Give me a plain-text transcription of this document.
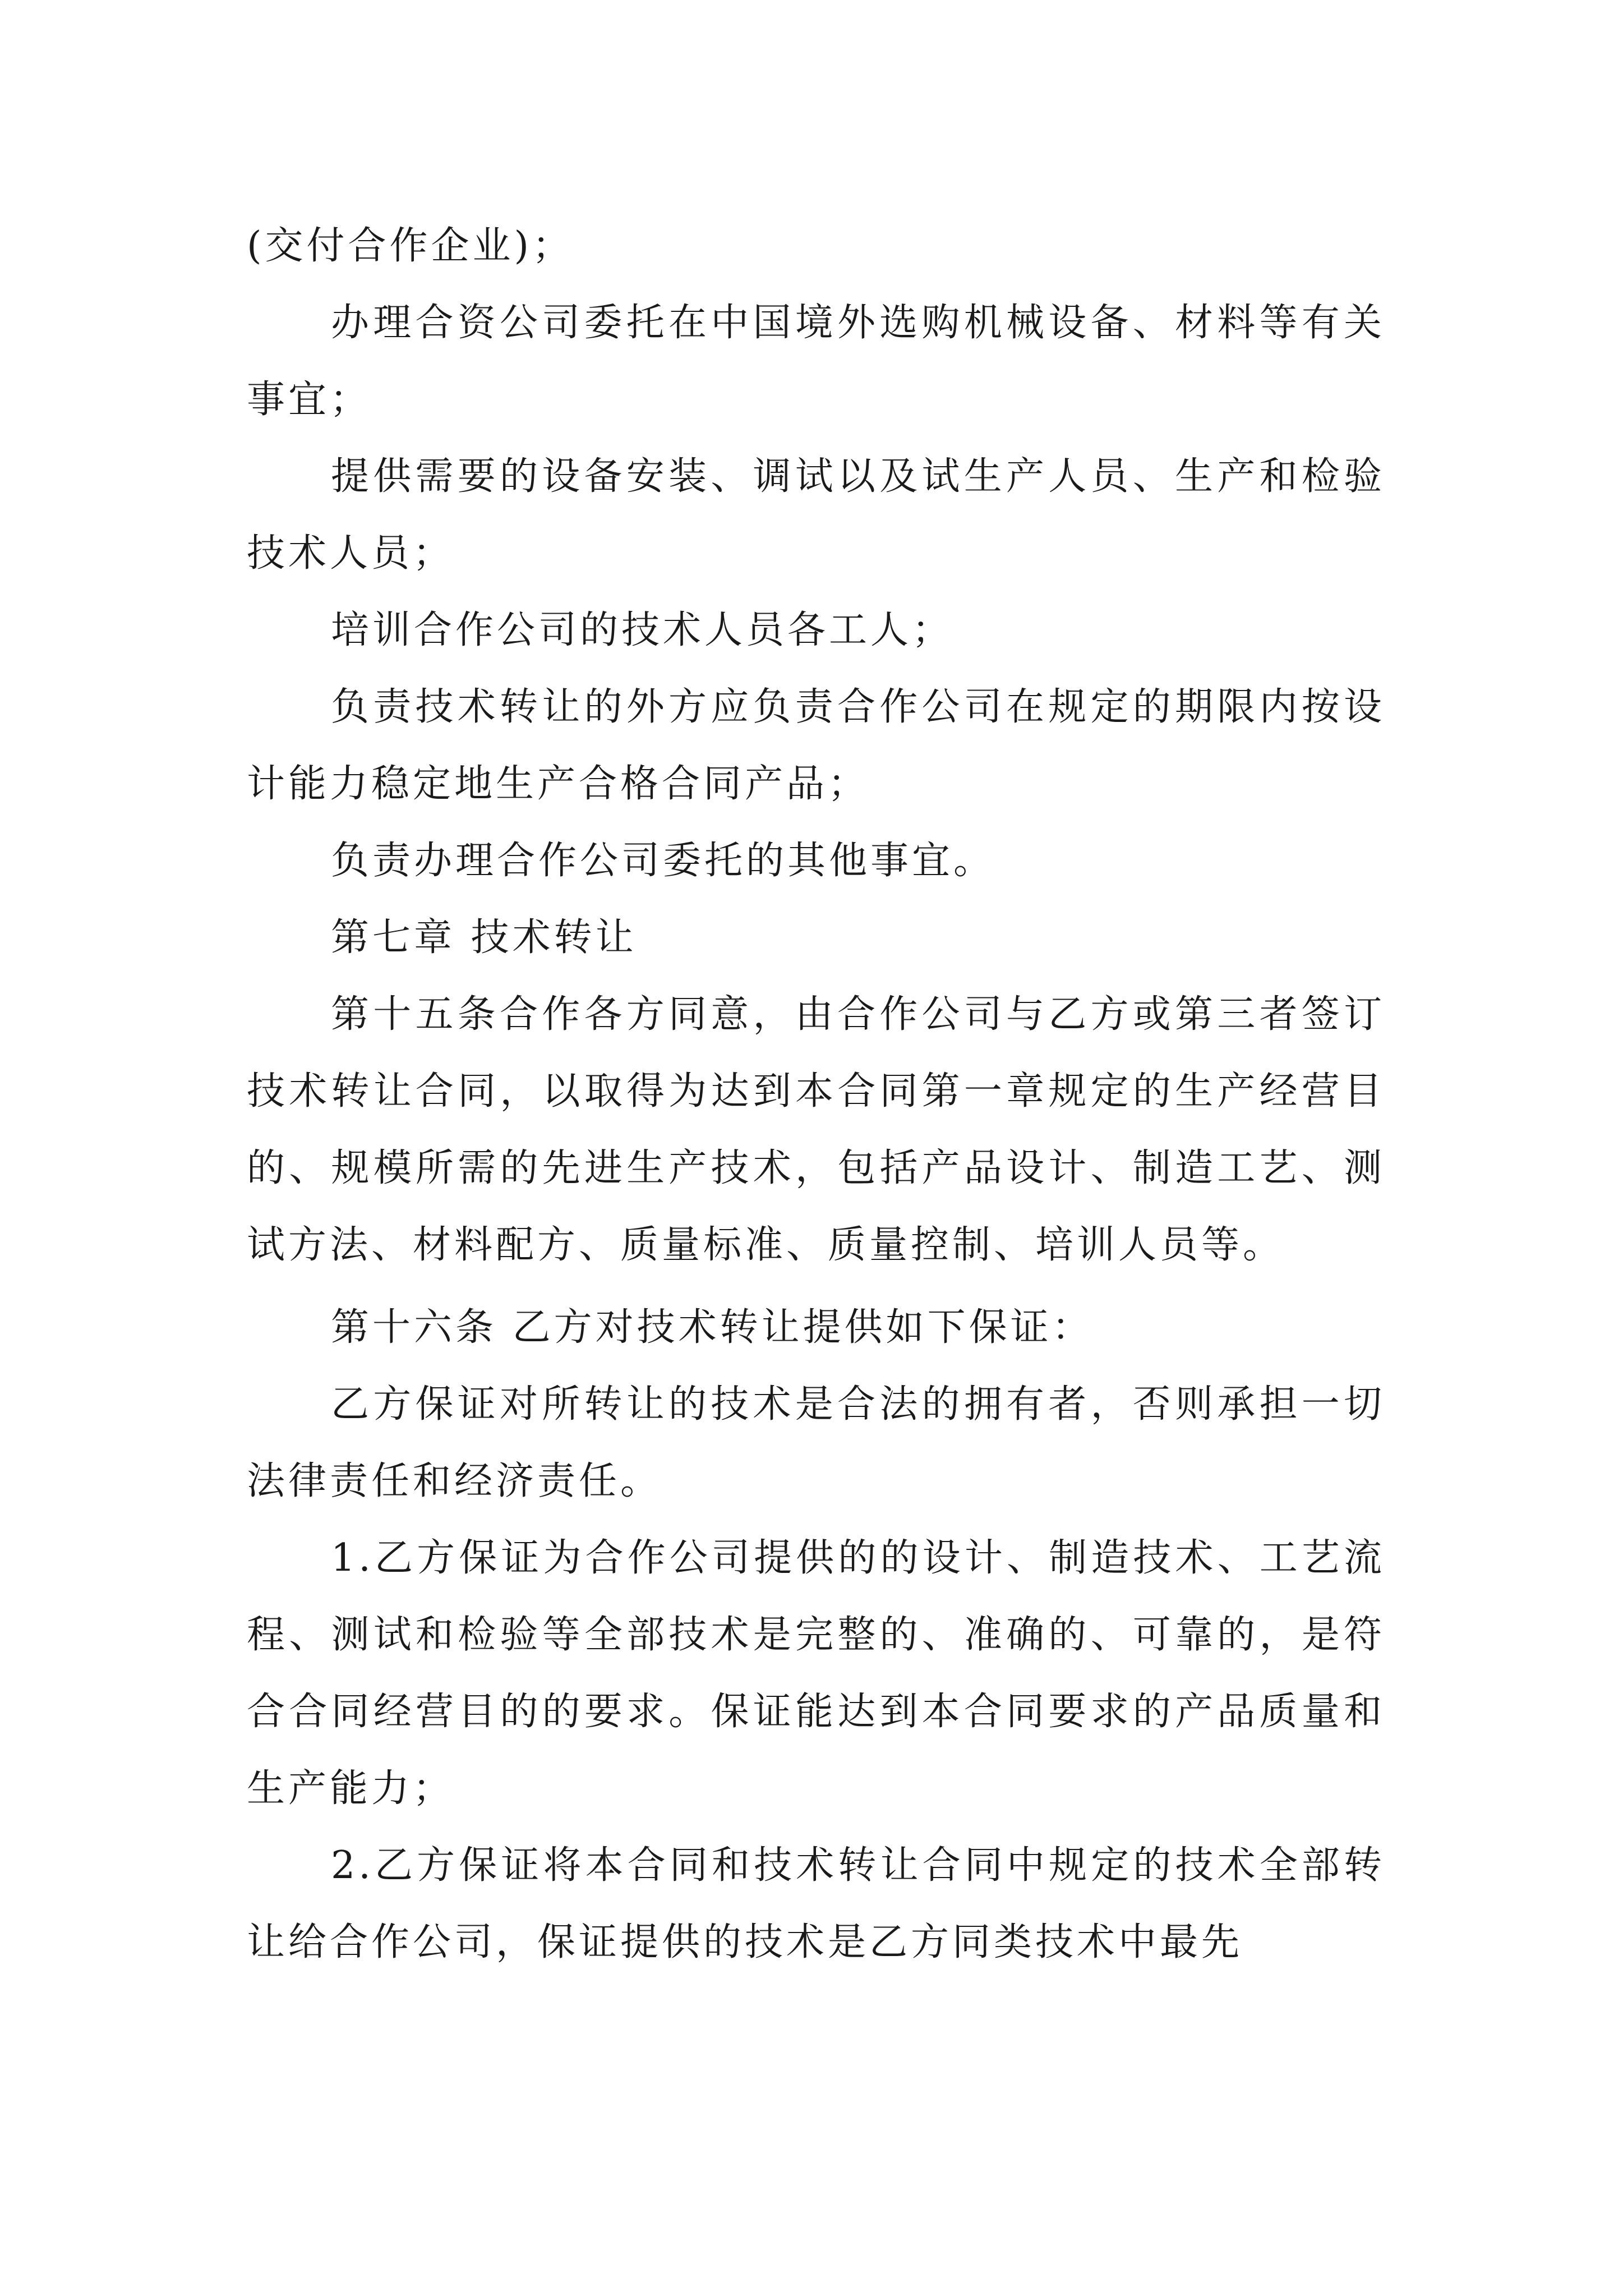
(交付合作企业)；

办理合资公司委托在中国境外选购机械设备、材料等有关事宜；

提供需要的设备安装、调试以及试生产人员、生产和检验技术人员；

培训合作公司的技术人员各工人；

负责技术转让的外方应负责合作公司在规定的期限内按设计能力稳定地生产合格合同产品；

负责办理合作公司委托的其他事宜。

第七章 技术转让

第十五条合作各方同意，由合作公司与乙方或第三者签订技术转让合同，以取得为达到本合同第一章规定的生产经营目的、规模所需的先进生产技术，包括产品设计、制造工艺、测试方法、材料配方、质量标准、质量控制、培训人员等。

第十六条 乙方对技术转让提供如下保证：

乙方保证对所转让的技术是合法的拥有者，否则承担一切法律责任和经济责任。

1.乙方保证为合作公司提供的的设计、制造技术、工艺流程、测试和检验等全部技术是完整的、准确的、可靠的，是符合合同经营目的的要求。保证能达到本合同要求的产品质量和生产能力；

2.乙方保证将本合同和技术转让合同中规定的技术全部转让给合作公司，保证提供的技术是乙方同类技术中最先
